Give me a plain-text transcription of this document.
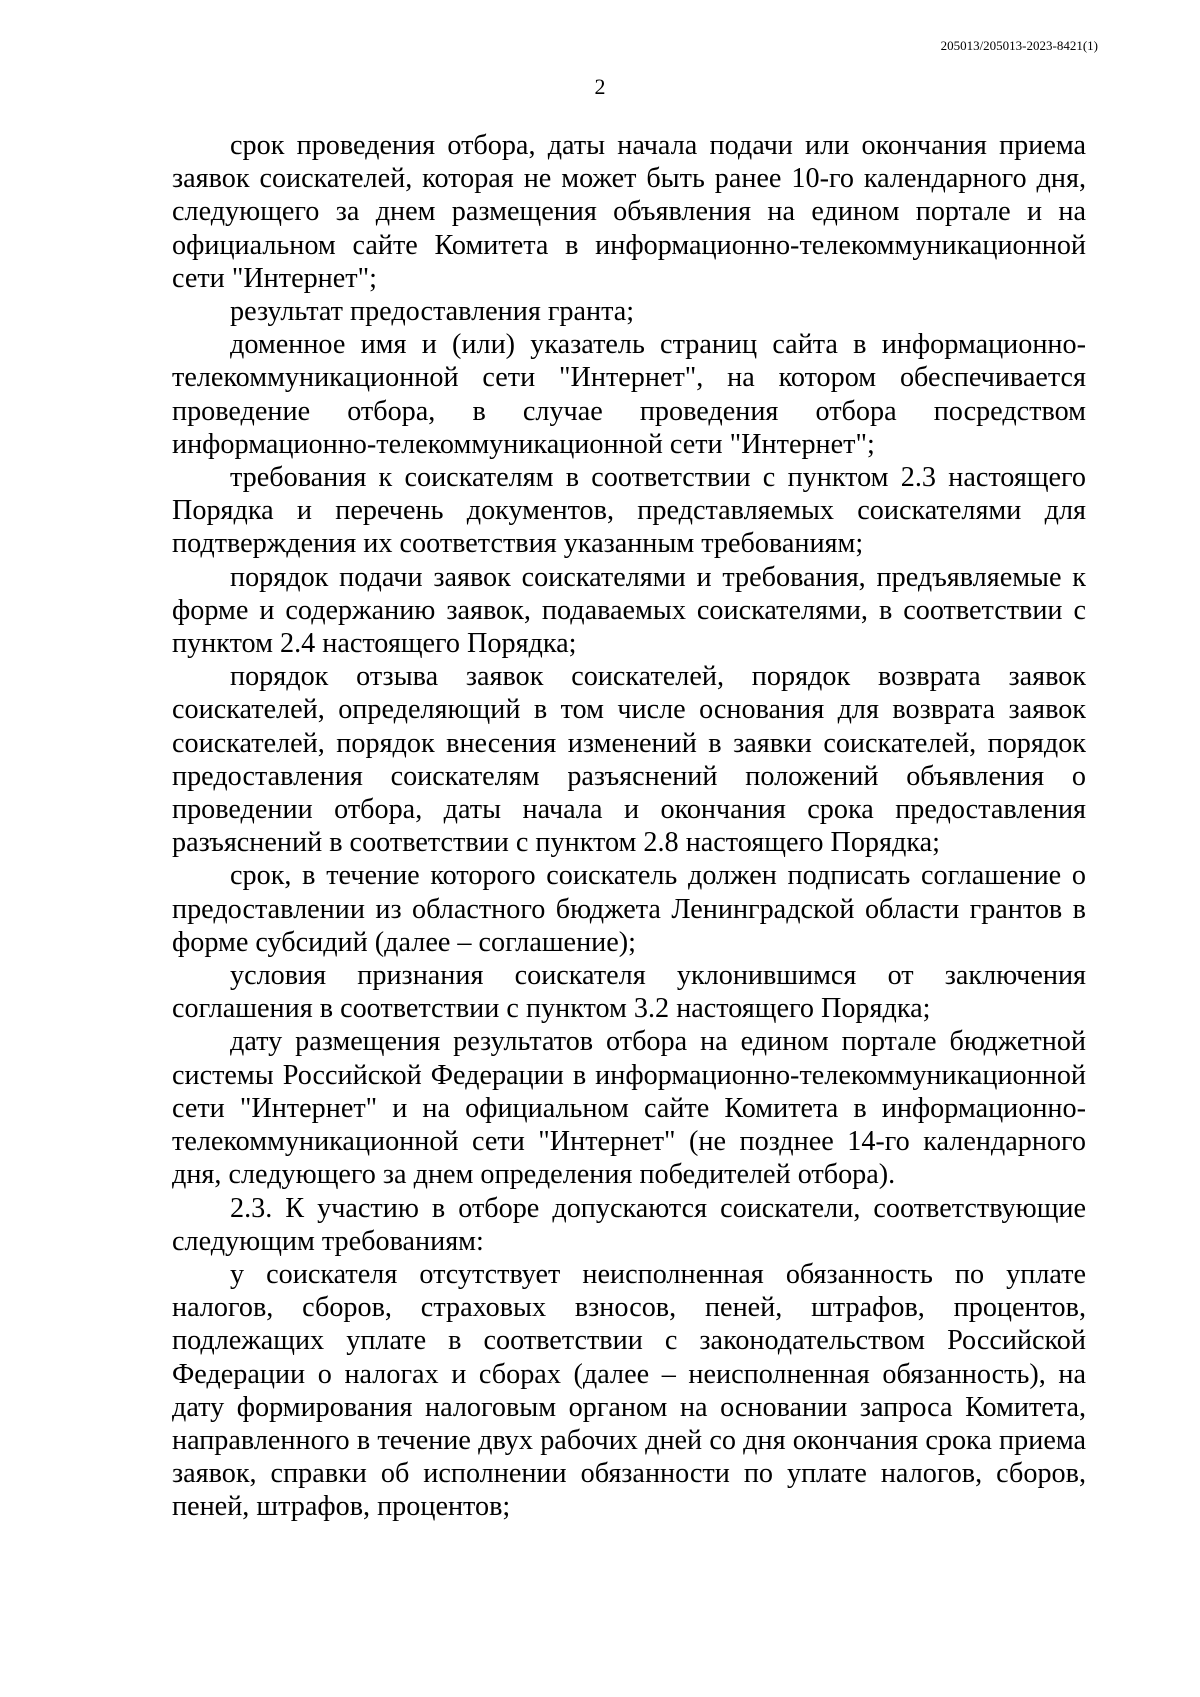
205013/205013-2023-8421(1)
2

срок проведения отбора, даты начала подачи или окончания приема заявок соискателей, которая не может быть ранее 10-го календарного дня, следующего за днем размещения объявления на едином портале и на официальном сайте Комитета в информационно-телекоммуникационной сети "Интернет";

результат предоставления гранта;

доменное имя и (или) указатель страниц сайта в информационно-телекоммуникационной сети "Интернет", на котором обеспечивается проведение отбора, в случае проведения отбора посредством информационно-телекоммуникационной сети "Интернет";

требования к соискателям в соответствии с пунктом 2.3 настоящего Порядка и перечень документов, представляемых соискателями для подтверждения их соответствия указанным требованиям;

порядок подачи заявок соискателями и требования, предъявляемые к форме и содержанию заявок, подаваемых соискателями, в соответствии с пунктом 2.4 настоящего Порядка;

порядок отзыва заявок соискателей, порядок возврата заявок соискателей, определяющий в том числе основания для возврата заявок соискателей, порядок внесения изменений в заявки соискателей, порядок предоставления соискателям разъяснений положений объявления о проведении отбора, даты начала и окончания срока предоставления разъяснений в соответствии с пунктом 2.8 настоящего Порядка;

срок, в течение которого соискатель должен подписать соглашение о предоставлении из областного бюджета Ленинградской области грантов в форме субсидий (далее – соглашение);

условия признания соискателя уклонившимся от заключения соглашения в соответствии с пунктом 3.2 настоящего Порядка;

дату размещения результатов отбора на едином портале бюджетной системы Российской Федерации в информационно-телекоммуникационной сети "Интернет" и на официальном сайте Комитета в информационно-телекоммуникационной сети "Интернет" (не позднее 14-го календарного дня, следующего за днем определения победителей отбора).

2.3. К участию в отборе допускаются соискатели, соответствующие следующим требованиям:

у соискателя отсутствует неисполненная обязанность по уплате налогов, сборов, страховых взносов, пеней, штрафов, процентов, подлежащих уплате в соответствии с законодательством Российской Федерации о налогах и сборах (далее – неисполненная обязанность), на дату формирования налоговым органом на основании запроса Комитета, направленного в течение двух рабочих дней со дня окончания срока приема заявок, справки об исполнении обязанности по уплате налогов, сборов, пеней, штрафов, процентов;
